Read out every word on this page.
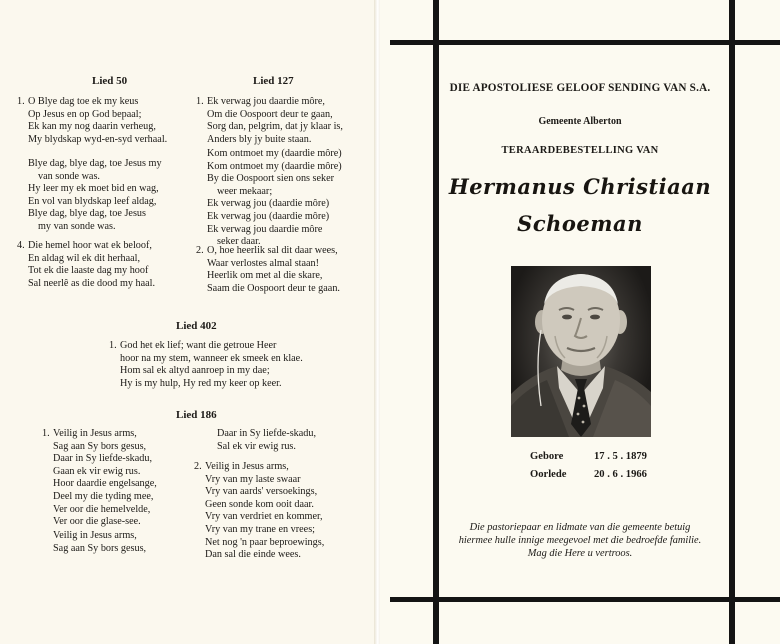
Lied 50
1. O Blye dag toe ek my keus
Op Jesus en op God bepaal;
Ek kan my nog daarin verheug,
My blydskap wyd-en-syd verhaal.
Blye dag, blye dag, toe Jesus my
van sonde was.
Hy leer my ek moet bid en wag,
En vol van blydskap leef aldag,
Blye dag, blye dag, toe Jesus
my van sonde was.
4. Die hemel hoor wat ek beloof,
En aldag wil ek dit herhaal,
Tot ek die laaste dag my hoof
Sal neerlê as die dood my haal.
Lied 127
1. Ek verwag jou daardie môre,
Om die Oospoort deur te gaan,
Sorg dan, pelgrim, dat jy klaar is,
Anders bly jy buite staan.
Kom ontmoet my (daardie môre)
Kom ontmoet my (daardie môre)
By die Oospoort sien ons seker
weer mekaar;
Ek verwag jou (daardie môre)
Ek verwag jou (daardie môre)
Ek verwag jou daardie môre
seker daar.
2. O, hoe heerlik sal dit daar wees,
Waar verlostes almal staan!
Heerlik om met al die skare,
Saam die Oospoort deur te gaan.
Lied 402
1. God het ek lief; want die getroue Heer
hoor na my stem, wanneer ek smeek en klae.
Hom sal ek altyd aanroep in my dae;
Hy is my hulp, Hy red my keer op keer.
Lied 186
1. Veilig in Jesus arms,
Sag aan Sy bors gesus,
Daar in Sy liefde-skadu,
Gaan ek vir ewig rus.
Hoor daardie engelsange,
Deel my die tyding mee,
Ver oor die hemelvelde,
Ver oor die glase-see.
Veilig in Jesus arms,
Sag aan Sy bors gesus,
Daar in Sy liefde-skadu,
Sal ek vir ewig rus.
2. Veilig in Jesus arms,
Vry van my laste swaar
Vry van aards' versoekings,
Geen sonde kom ooit daar.
Vry van verdriet en kommer,
Vry van my trane en vrees;
Net nog 'n paar beproewings,
Dan sal die einde wees.
DIE APOSTOLIESE GELOOF SENDING VAN S.A.
Gemeente Alberton
TERAARDEBESTELLING VAN
Hermanus Christiaan
Schoeman
Gebore
Oorlede
17 . 5 . 1879
20 . 6 . 1966
Die pastoriepaar en lidmate van die gemeente betuig
hiermee hulle innige meegevoel met die bedroefde familie.
Mag die Here u vertroos.
